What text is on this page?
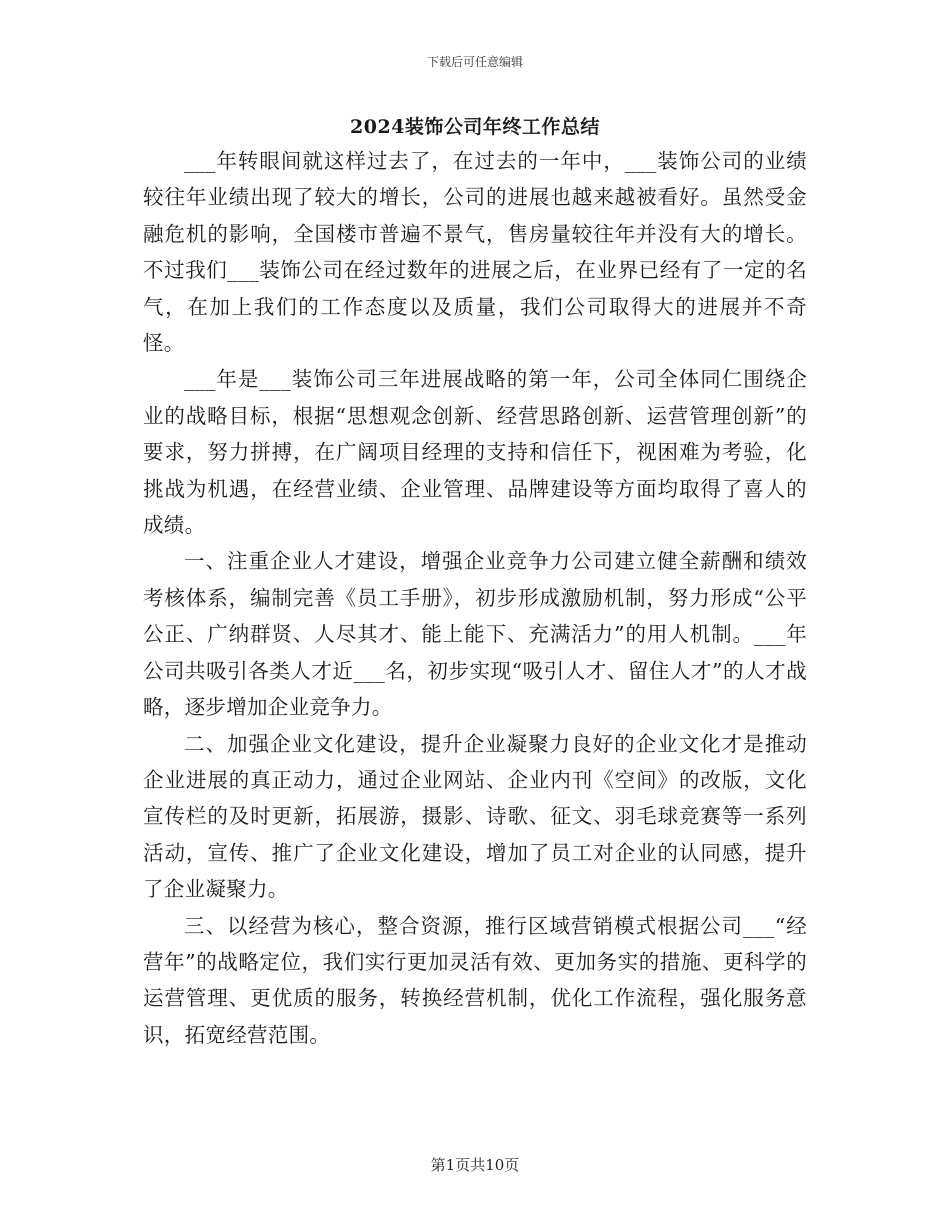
下载后可任意编辑
2024装饰公司年终工作总结

___年转眼间就这样过去了，在过去的一年中，___装饰公司的业绩较往年业绩出现了较大的增长，公司的进展也越来越被看好。虽然受金融危机的影响，全国楼市普遍不景气，售房量较往年并没有大的增长。不过我们___装饰公司在经过数年的进展之后，在业界已经有了一定的名气，在加上我们的工作态度以及质量，我们公司取得大的进展并不奇怪。

___年是___装饰公司三年进展战略的第一年，公司全体同仁围绕企业的战略目标，根据“思想观念创新、经营思路创新、运营管理创新”的要求，努力拼搏，在广阔项目经理的支持和信任下，视困难为考验，化挑战为机遇，在经营业绩、企业管理、品牌建设等方面均取得了喜人的成绩。

一、注重企业人才建设，增强企业竞争力公司建立健全薪酬和绩效考核体系，编制完善《员工手册》，初步形成激励机制，努力形成“公平公正、广纳群贤、人尽其才、能上能下、充满活力”的用人机制。___年公司共吸引各类人才近___名，初步实现“吸引人才、留住人才”的人才战略，逐步增加企业竞争力。

二、加强企业文化建设，提升企业凝聚力良好的企业文化才是推动企业进展的真正动力，通过企业网站、企业内刊《空间》的改版，文化宣传栏的及时更新，拓展游，摄影、诗歌、征文、羽毛球竞赛等一系列活动，宣传、推广了企业文化建设，增加了员工对企业的认同感，提升了企业凝聚力。

三、以经营为核心，整合资源，推行区域营销模式根据公司___“经营年”的战略定位，我们实行更加灵活有效、更加务实的措施、更科学的运营管理、更优质的服务，转换经营机制，优化工作流程，强化服务意识，拓宽经营范围。

第1页共10页
